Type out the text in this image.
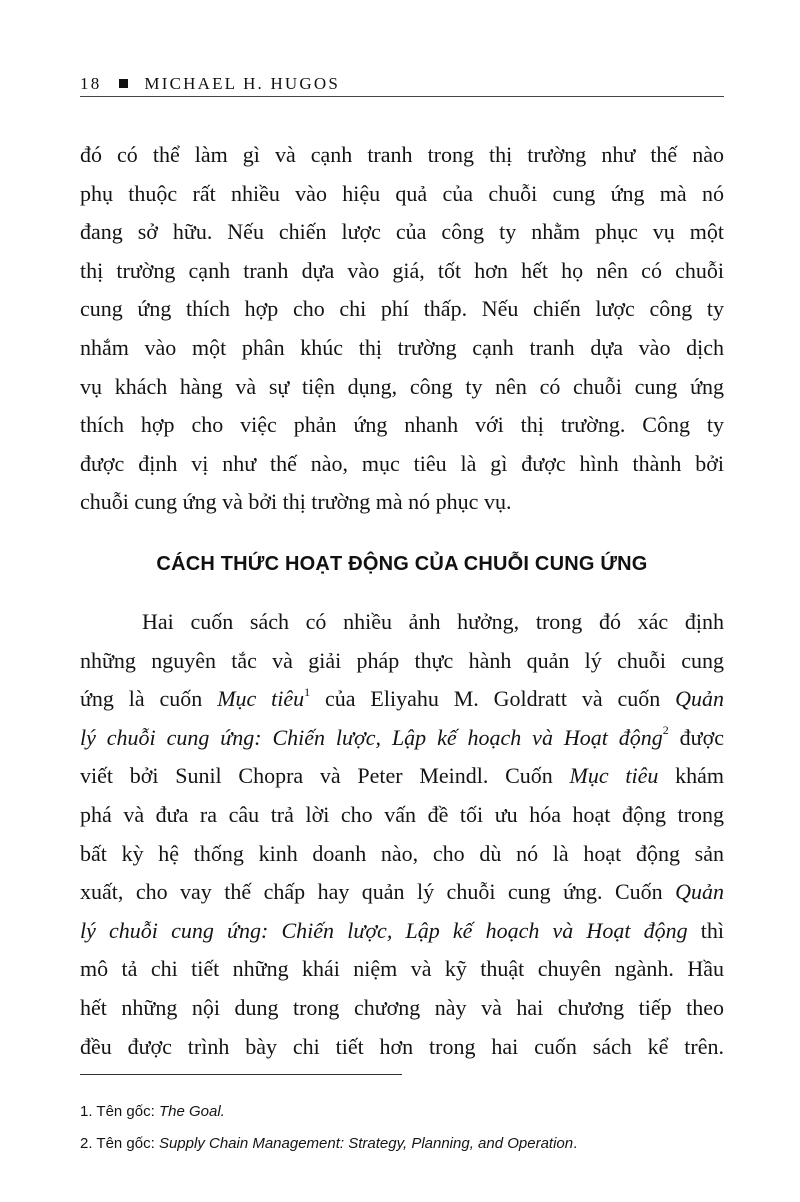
18	MICHAEL H. HUGOS
đó có thể làm gì và cạnh tranh trong thị trường như thế nào
phụ thuộc rất nhiều vào hiệu quả của chuỗi cung ứng mà nó
đang sở hữu. Nếu chiến lược của công ty nhằm phục vụ một
thị trường cạnh tranh dựa vào giá, tốt hơn hết họ nên có chuỗi
cung ứng thích hợp cho chi phí thấp. Nếu chiến lược công ty
nhắm vào một phân khúc thị trường cạnh tranh dựa vào dịch
vụ khách hàng và sự tiện dụng, công ty nên có chuỗi cung ứng
thích hợp cho việc phản ứng nhanh với thị trường. Công ty
được định vị như thế nào, mục tiêu là gì được hình thành bởi
chuỗi cung ứng và bởi thị trường mà nó phục vụ.
CÁCH THỨC HOẠT ĐỘNG CỦA CHUỖI CUNG ỨNG
Hai cuốn sách có nhiều ảnh hưởng, trong đó xác định
những nguyên tắc và giải pháp thực hành quản lý chuỗi cung
ứng là cuốn Mục tiêu$^1$ của Eliyahu M. Goldratt và cuốn Quản
lý chuỗi cung ứng: Chiến lược, Lập kế hoạch và Hoạt động$^2$ được
viết bởi Sunil Chopra và Peter Meindl. Cuốn Mục tiêu khám
phá và đưa ra câu trả lời cho vấn đề tối ưu hóa hoạt động trong
bất kỳ hệ thống kinh doanh nào, cho dù nó là hoạt động sản
xuất, cho vay thế chấp hay quản lý chuỗi cung ứng. Cuốn Quản
lý chuỗi cung ứng: Chiến lược, Lập kế hoạch và Hoạt động thì
mô tả chi tiết những khái niệm và kỹ thuật chuyên ngành. Hầu
hết những nội dung trong chương này và hai chương tiếp theo
đều được trình bày chi tiết hơn trong hai cuốn sách kể trên.
1. Tên gốc: The Goal.
2. Tên gốc: Supply Chain Management: Strategy, Planning, and Operation.
